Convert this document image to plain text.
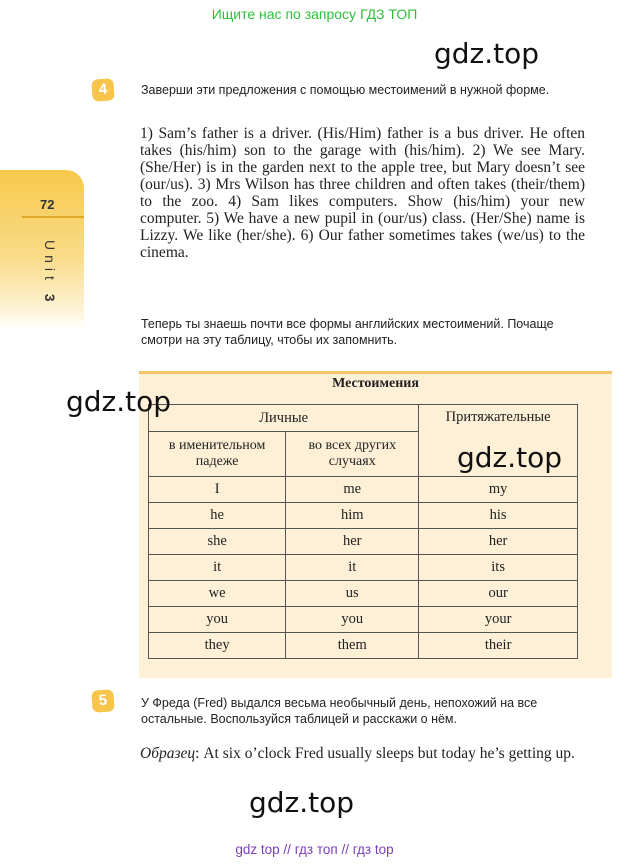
Ищите нас по запросу ГДЗ ТОП
gdz.top
72
Unit 3
4	Заверши эти предложения с помощью местоимений в нужной форме.
1) Sam’s father is a driver. (His/Him) father is a bus driver. He often takes (his/him) son to the garage with (his/him). 2) We see Mary. (She/Her) is in the garden next to the apple tree, but Mary doesn’t see (our/us). 3) Mrs Wilson has three children and often takes (their/them) to the zoo. 4) Sam likes computers. Show (his/him) your new computer. 5) We have a new pupil in (our/us) class. (Her/She) name is Lizzy. We like (her/she). 6) Our father sometimes takes (we/us) to the cinema.
Теперь ты знаешь почти все формы английских местоимений. Почаще смотри на эту таблицу, чтобы их запомнить.
Местоимения
Личные		Притяжательные
в именительном падеже	во всех других случаях	
I	me	my
he	him	his
she	her	her
it	it	its
we	us	our
you	you	your
they	them	their
gdz.top
gdz.top
5	У Фреда (Fred) выдался весьма необычный день, непохожий на все остальные. Воспользуйся таблицей и расскажи о нём.
Образец: At six o’clock Fred usually sleeps but today he’s getting up.
gdz.top
gdz top // гдз топ // гдз top
